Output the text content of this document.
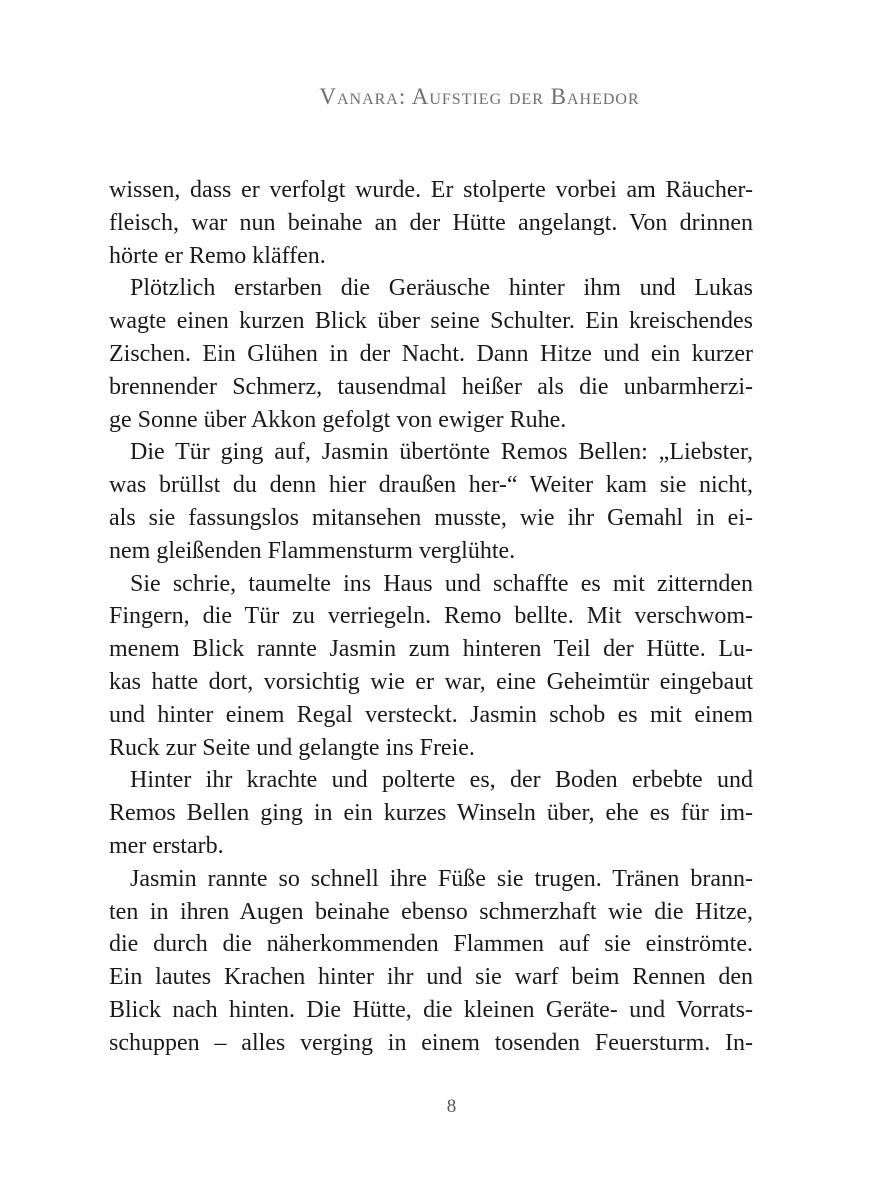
Vanara: Aufstieg der Bahedor
wissen, dass er verfolgt wurde. Er stolperte vorbei am Räucher-
fleisch, war nun beinahe an der Hütte angelangt. Von drinnen
hörte er Remo kläffen.
Plötzlich erstarben die Geräusche hinter ihm und Lukas
wagte einen kurzen Blick über seine Schulter. Ein kreischendes
Zischen. Ein Glühen in der Nacht. Dann Hitze und ein kurzer
brennender Schmerz, tausendmal heißer als die unbarmherzi-
ge Sonne über Akkon gefolgt von ewiger Ruhe.
Die Tür ging auf, Jasmin übertönte Remos Bellen: „Liebster,
was brüllst du denn hier draußen her-“ Weiter kam sie nicht,
als sie fassungslos mitansehen musste, wie ihr Gemahl in ei-
nem gleißenden Flammensturm verglühte.
Sie schrie, taumelte ins Haus und schaffte es mit zitternden
Fingern, die Tür zu verriegeln. Remo bellte. Mit verschwom-
menem Blick rannte Jasmin zum hinteren Teil der Hütte. Lu-
kas hatte dort, vorsichtig wie er war, eine Geheimtür eingebaut
und hinter einem Regal versteckt. Jasmin schob es mit einem
Ruck zur Seite und gelangte ins Freie.
Hinter ihr krachte und polterte es, der Boden erbebte und
Remos Bellen ging in ein kurzes Winseln über, ehe es für im-
mer erstarb.
Jasmin rannte so schnell ihre Füße sie trugen. Tränen brann-
ten in ihren Augen beinahe ebenso schmerzhaft wie die Hitze,
die durch die näherkommenden Flammen auf sie einströmte.
Ein lautes Krachen hinter ihr und sie warf beim Rennen den
Blick nach hinten. Die Hütte, die kleinen Geräte- und Vorrats-
schuppen – alles verging in einem tosenden Feuersturm. In-
8
